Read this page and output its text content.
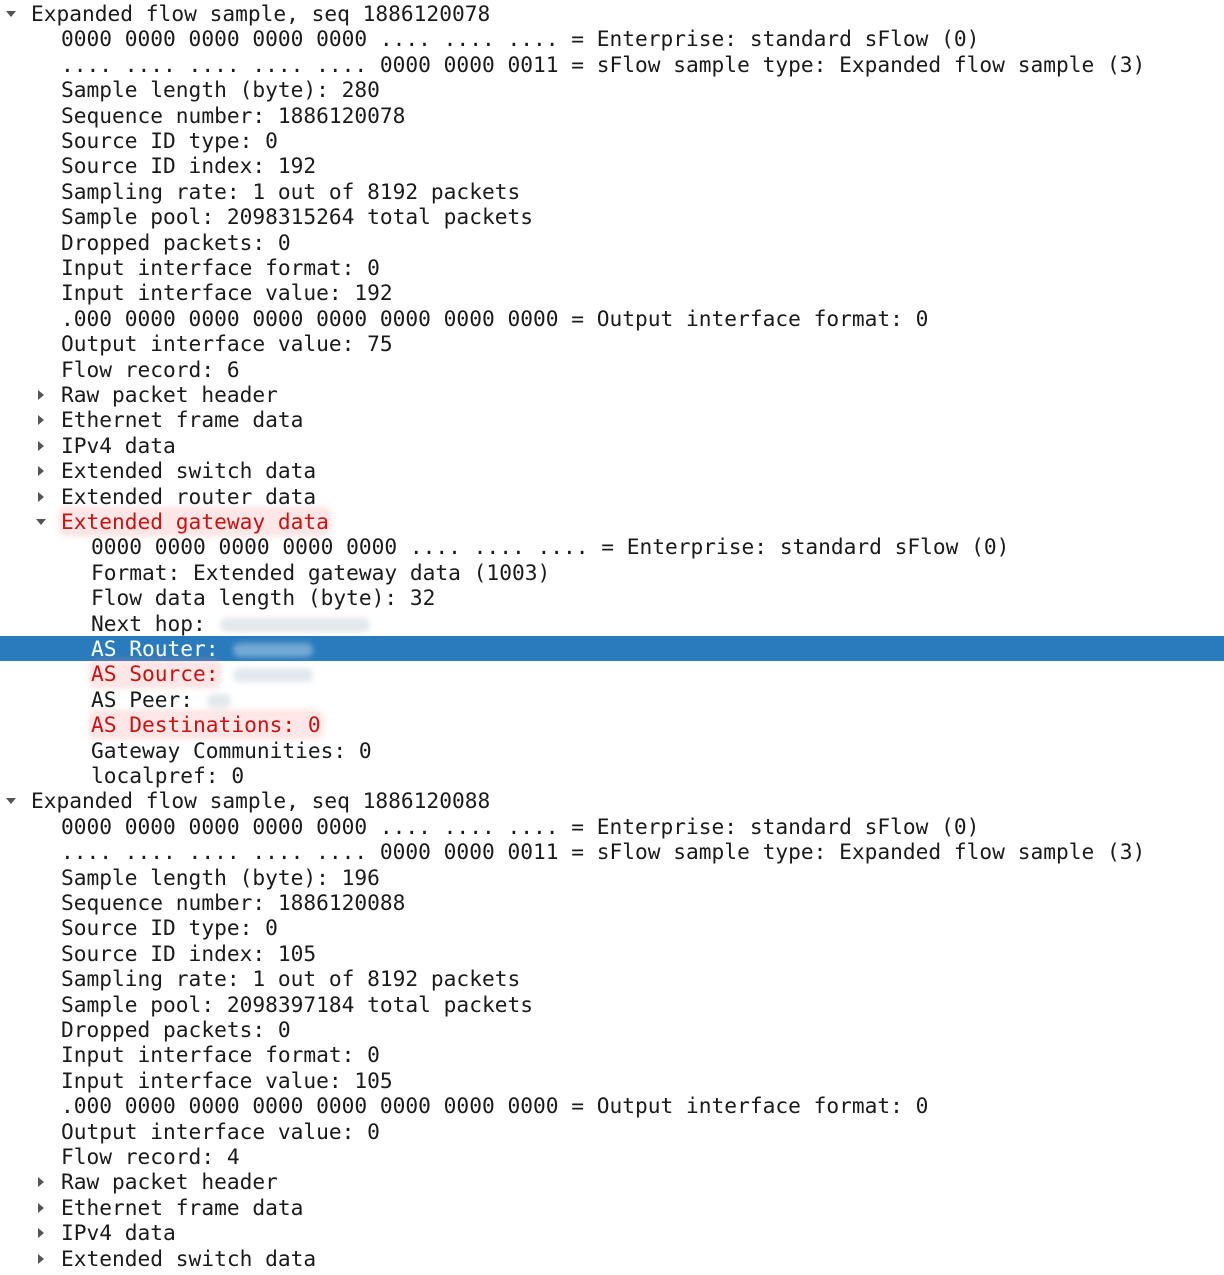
Expanded flow sample, seq 1886120078
0000 0000 0000 0000 0000 .... .... .... = Enterprise: standard sFlow (0)
.... .... .... .... .... 0000 0000 0011 = sFlow sample type: Expanded flow sample (3)
Sample length (byte): 280
Sequence number: 1886120078
Source ID type: 0
Source ID index: 192
Sampling rate: 1 out of 8192 packets
Sample pool: 2098315264 total packets
Dropped packets: 0
Input interface format: 0
Input interface value: 192
.000 0000 0000 0000 0000 0000 0000 0000 = Output interface format: 0
Output interface value: 75
Flow record: 6
Raw packet header
Ethernet frame data
IPv4 data
Extended switch data
Extended router data
Extended gateway data
0000 0000 0000 0000 0000 .... .... .... = Enterprise: standard sFlow (0)
Format: Extended gateway data (1003)
Flow data length (byte): 32
Next hop:
AS Router:
AS Source:
AS Peer:
AS Destinations: 0
Gateway Communities: 0
localpref: 0
Expanded flow sample, seq 1886120088
0000 0000 0000 0000 0000 .... .... .... = Enterprise: standard sFlow (0)
.... .... .... .... .... 0000 0000 0011 = sFlow sample type: Expanded flow sample (3)
Sample length (byte): 196
Sequence number: 1886120088
Source ID type: 0
Source ID index: 105
Sampling rate: 1 out of 8192 packets
Sample pool: 2098397184 total packets
Dropped packets: 0
Input interface format: 0
Input interface value: 105
.000 0000 0000 0000 0000 0000 0000 0000 = Output interface format: 0
Output interface value: 0
Flow record: 4
Raw packet header
Ethernet frame data
IPv4 data
Extended switch data
